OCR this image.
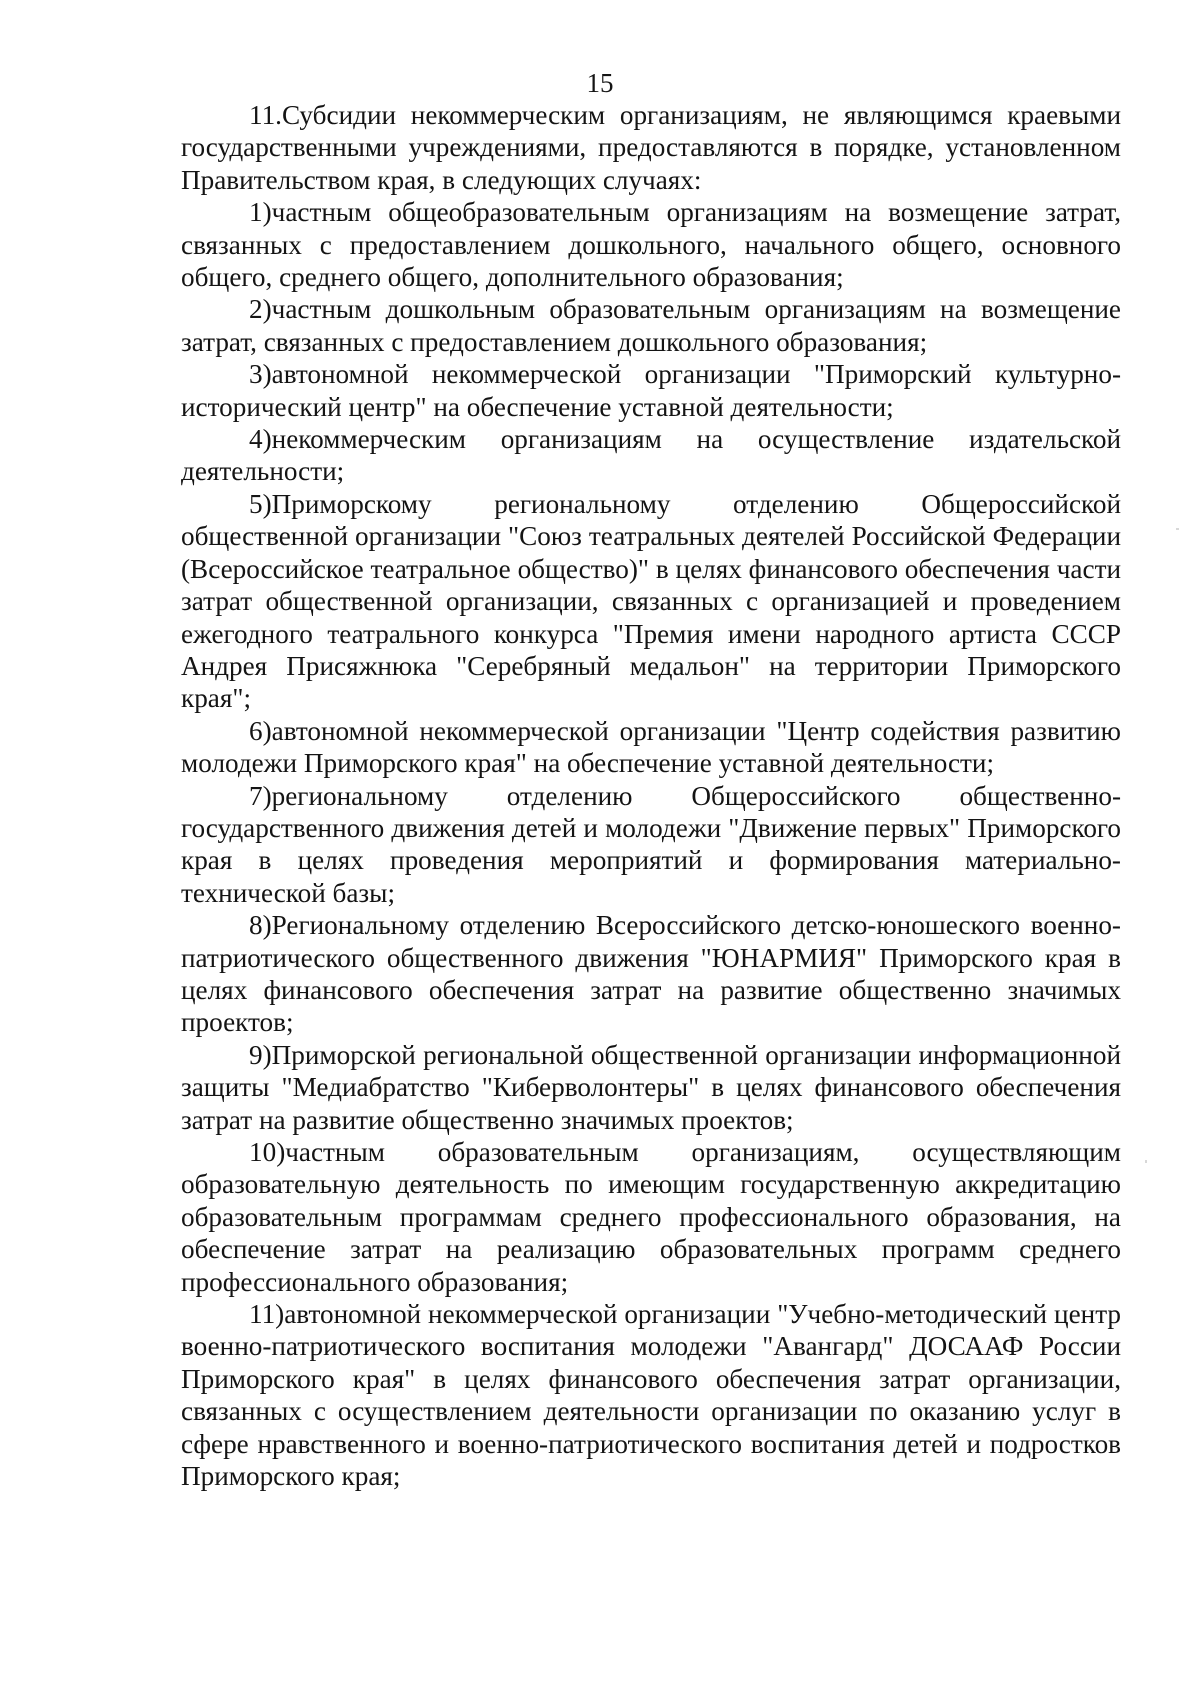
15

11.Субсидии некоммерческим организациям, не являющимся краевыми государственными учреждениями, предоставляются в порядке, установленном Правительством края, в следующих случаях:

1)частным общеобразовательным организациям на возмещение затрат, связанных с предоставлением дошкольного, начального общего, основного общего, среднего общего, дополнительного образования;

2)частным дошкольным образовательным организациям на возмещение затрат, связанных с предоставлением дошкольного образования;

3)автономной некоммерческой организации "Приморский культурно-исторический центр" на обеспечение уставной деятельности;

4)некоммерческим организациям на осуществление издательской деятельности;

5)Приморскому региональному отделению Общероссийской общественной организации "Союз театральных деятелей Российской Федерации (Всероссийское театральное общество)" в целях финансового обеспечения части затрат общественной организации, связанных с организацией и проведением ежегодного театрального конкурса "Премия имени народного артиста СССР Андрея Присяжнюка "Серебряный медальон" на территории Приморского края";

6)автономной некоммерческой организации "Центр содействия развитию молодежи Приморского края" на обеспечение уставной деятельности;

7)региональному отделению Общероссийского общественно-государственного движения детей и молодежи "Движение первых" Приморского края в целях проведения мероприятий и формирования материально-технической базы;

8)Региональному отделению Всероссийского детско-юношеского военно-патриотического общественного движения "ЮНАРМИЯ" Приморского края в целях финансового обеспечения затрат на развитие общественно значимых проектов;

9)Приморской региональной общественной организации информационной защиты "Медиабратство "Киберволонтеры" в целях финансового обеспечения затрат на развитие общественно значимых проектов;

10)частным образовательным организациям, осуществляющим образовательную деятельность по имеющим государственную аккредитацию образовательным программам среднего профессионального образования, на обеспечение затрат на реализацию образовательных программ среднего профессионального образования;

11)автономной некоммерческой организации "Учебно-методический центр военно-патриотического воспитания молодежи "Авангард" ДОСААФ России Приморского края" в целях финансового обеспечения затрат организации, связанных с осуществлением деятельности организации по оказанию услуг в сфере нравственного и военно-патриотического воспитания детей и подростков Приморского края;
